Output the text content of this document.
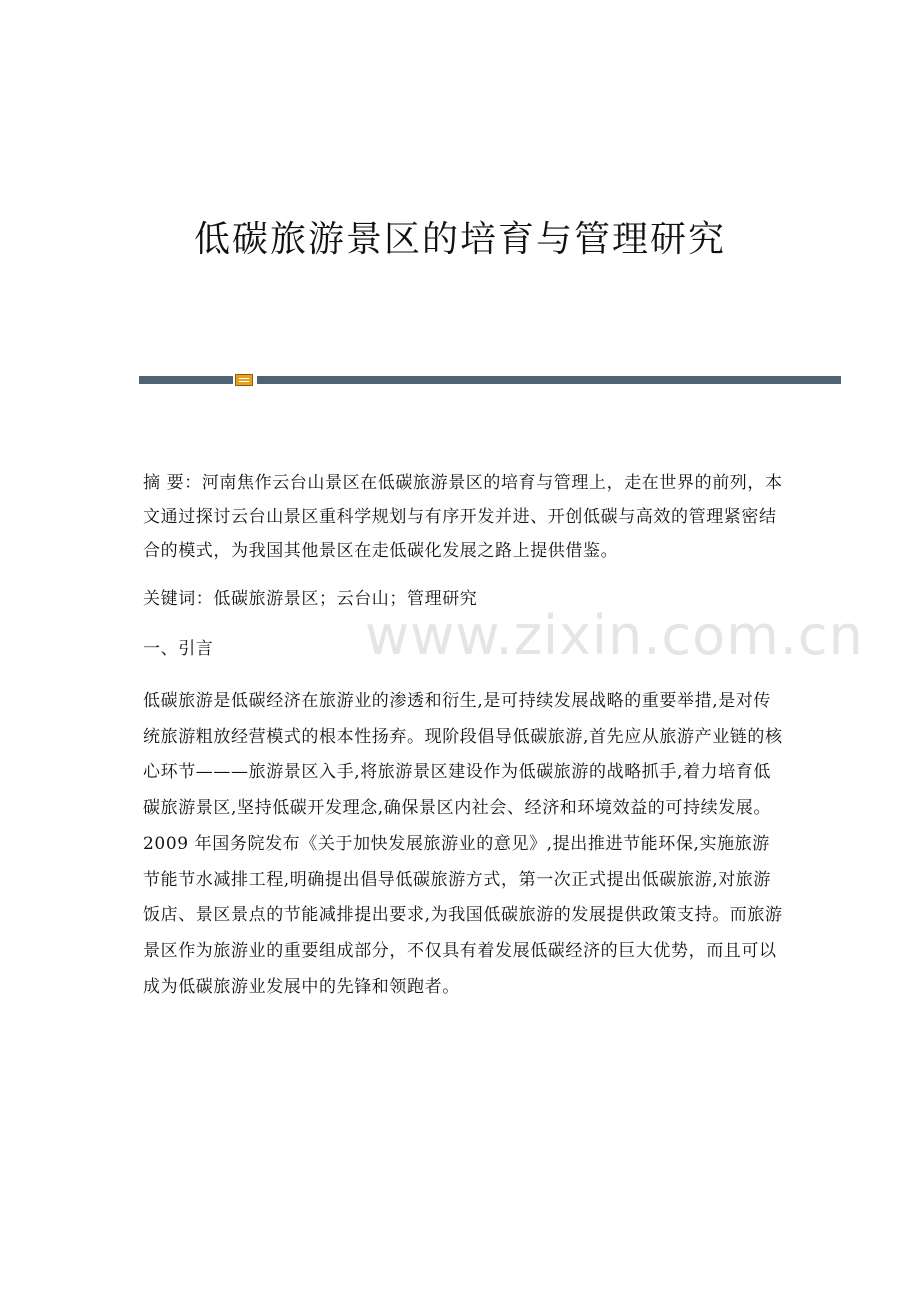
低碳旅游景区的培育与管理研究
www.zixin.com.cn

摘 要：河南焦作云台山景区在低碳旅游景区的培育与管理上，走在世界的前列，本文通过探讨云台山景区重科学规划与有序开发并进、开创低碳与高效的管理紧密结合的模式，为我国其他景区在走低碳化发展之路上提供借鉴。

关键词：低碳旅游景区；云台山；管理研究

一、引言

低碳旅游是低碳经济在旅游业的渗透和衍生,是可持续发展战略的重要举措,是对传统旅游粗放经营模式的根本性扬弃。现阶段倡导低碳旅游,首先应从旅游产业链的核心环节———旅游景区入手,将旅游景区建设作为低碳旅游的战略抓手,着力培育低碳旅游景区,坚持低碳开发理念,确保景区内社会、经济和环境效益的可持续发展。2009 年国务院发布《关于加快发展旅游业的意见》,提出推进节能环保,实施旅游节能节水减排工程,明确提出倡导低碳旅游方式，第一次正式提出低碳旅游,对旅游饭店、景区景点的节能减排提出要求,为我国低碳旅游的发展提供政策支持。而旅游景区作为旅游业的重要组成部分，不仅具有着发展低碳经济的巨大优势，而且可以成为低碳旅游业发展中的先锋和领跑者。
